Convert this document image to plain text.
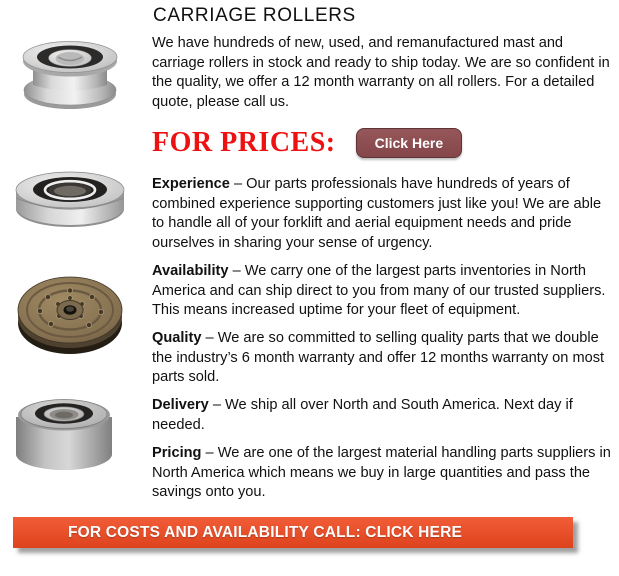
CARRIAGE ROLLERS
We have hundreds of new, used, and remanufactured mast and carriage rollers in stock and ready to ship today. We are so confident in the quality, we offer a 12 month warranty on all rollers. For a detailed quote, please call us.
FOR PRICES:	Click Here
Experience – Our parts professionals have hundreds of years of combined experience supporting customers just like you! We are able to handle all of your forklift and aerial equipment needs and pride ourselves in sharing your sense of urgency.
Availability – We carry one of the largest parts inventories in North America and can ship direct to you from many of our trusted suppliers. This means increased uptime for your fleet of equipment.
Quality – We are so committed to selling quality parts that we double the industry’s 6 month warranty and offer 12 months warranty on most parts sold.
Delivery – We ship all over North and South America. Next day if needed.
Pricing – We are one of the largest material handling parts suppliers in North America which means we buy in large quantities and pass the savings onto you.
FOR COSTS AND AVAILABILITY CALL: CLICK HERE
